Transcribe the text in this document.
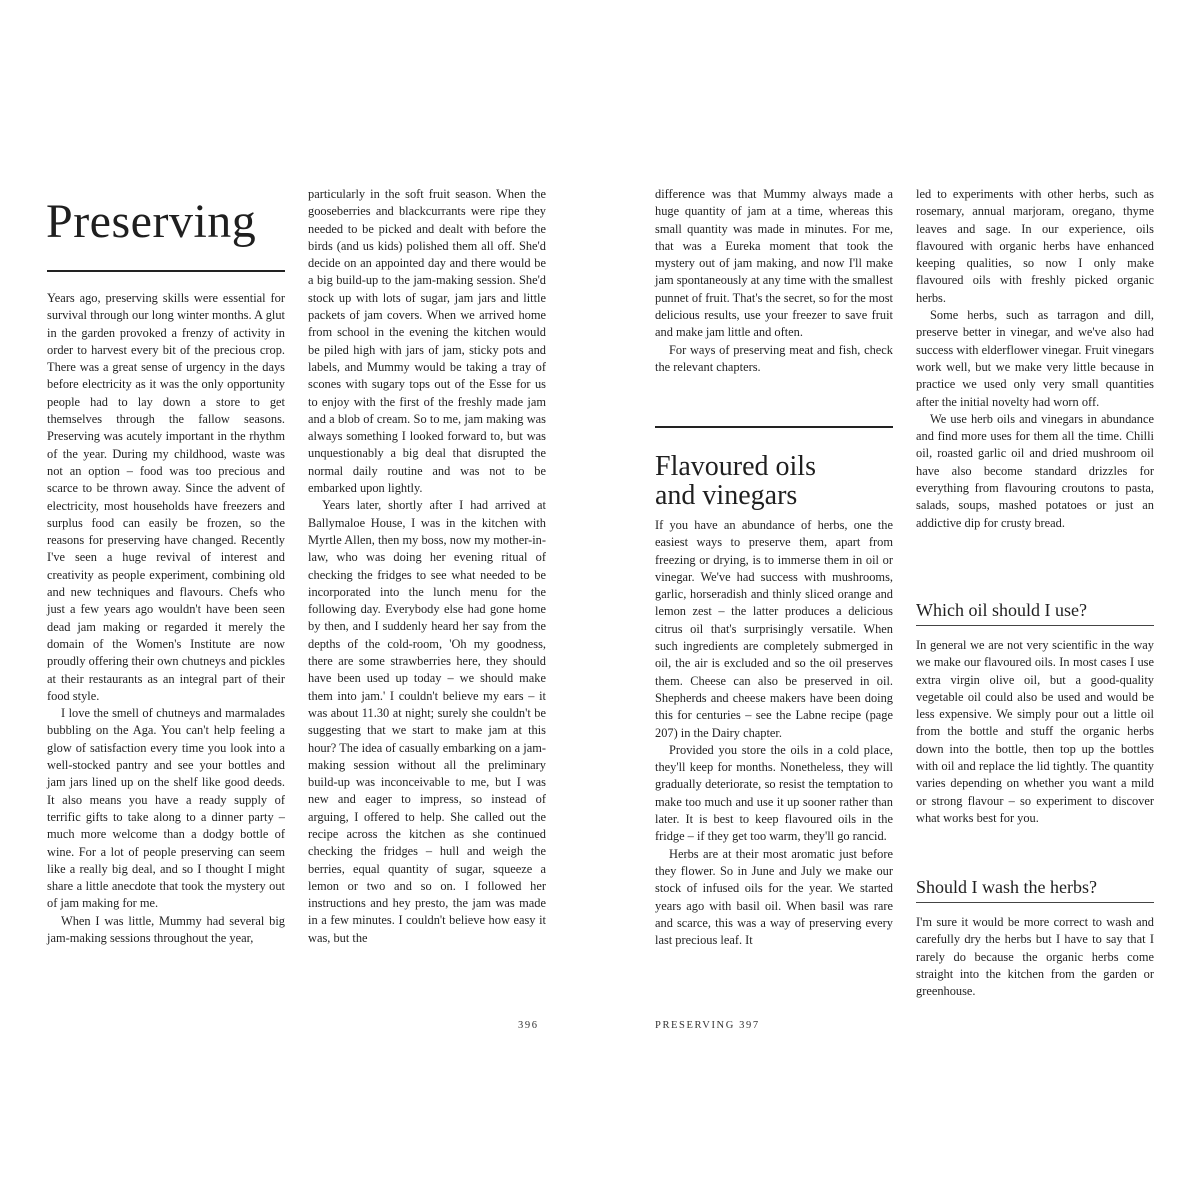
Preserving

Years ago, preserving skills were essential for survival through our long winter months. A glut in the garden provoked a frenzy of activity in order to harvest every bit of the precious crop. There was a great sense of urgency in the days before electricity as it was the only opportunity people had to lay down a store to get themselves through the fallow seasons. Preserving was acutely important in the rhythm of the year. During my childhood, waste was not an option – food was too precious and scarce to be thrown away. Since the advent of electricity, most households have freezers and surplus food can easily be frozen, so the reasons for preserving have changed. Recently I've seen a huge revival of interest and creativity as people experiment, combining old and new techniques and flavours. Chefs who just a few years ago wouldn't have been seen dead jam making or regarded it merely the domain of the Women's Institute are now proudly offering their own chutneys and pickles at their restaurants as an integral part of their food style.

I love the smell of chutneys and marmalades bubbling on the Aga. You can't help feeling a glow of satisfaction every time you look into a well-stocked pantry and see your bottles and jam jars lined up on the shelf like good deeds. It also means you have a ready supply of terrific gifts to take along to a dinner party – much more welcome than a dodgy bottle of wine. For a lot of people preserving can seem like a really big deal, and so I thought I might share a little anecdote that took the mystery out of jam making for me.

When I was little, Mummy had several big jam-making sessions throughout the year,

particularly in the soft fruit season. When the gooseberries and blackcurrants were ripe they needed to be picked and dealt with before the birds (and us kids) polished them all off. She'd decide on an appointed day and there would be a big build-up to the jam-making session. She'd stock up with lots of sugar, jam jars and little packets of jam covers. When we arrived home from school in the evening the kitchen would be piled high with jars of jam, sticky pots and labels, and Mummy would be taking a tray of scones with sugary tops out of the Esse for us to enjoy with the first of the freshly made jam and a blob of cream. So to me, jam making was always something I looked forward to, but was unquestionably a big deal that disrupted the normal daily routine and was not to be embarked upon lightly.

Years later, shortly after I had arrived at Ballymaloe House, I was in the kitchen with Myrtle Allen, then my boss, now my mother-in-law, who was doing her evening ritual of checking the fridges to see what needed to be incorporated into the lunch menu for the following day. Everybody else had gone home by then, and I suddenly heard her say from the depths of the cold-room, 'Oh my goodness, there are some strawberries here, they should have been used up today – we should make them into jam.' I couldn't believe my ears – it was about 11.30 at night; surely she couldn't be suggesting that we start to make jam at this hour? The idea of casually embarking on a jam-making session without all the preliminary build-up was inconceivable to me, but I was new and eager to impress, so instead of arguing, I offered to help. She called out the recipe across the kitchen as she continued checking the fridges – hull and weigh the berries, equal quantity of sugar, squeeze a lemon or two and so on. I followed her instructions and hey presto, the jam was made in a few minutes. I couldn't believe how easy it was, but the

396

difference was that Mummy always made a huge quantity of jam at a time, whereas this small quantity was made in minutes. For me, that was a Eureka moment that took the mystery out of jam making, and now I'll make jam spontaneously at any time with the smallest punnet of fruit. That's the secret, so for the most delicious results, use your freezer to save fruit and make jam little and often.

For ways of preserving meat and fish, check the relevant chapters.

Flavoured oils
and vinegars

If you have an abundance of herbs, one the easiest ways to preserve them, apart from freezing or drying, is to immerse them in oil or vinegar. We've had success with mushrooms, garlic, horseradish and thinly sliced orange and lemon zest – the latter produces a delicious citrus oil that's surprisingly versatile. When such ingredients are completely submerged in oil, the air is excluded and so the oil preserves them. Cheese can also be preserved in oil. Shepherds and cheese makers have been doing this for centuries – see the Labne recipe (page 207) in the Dairy chapter.

Provided you store the oils in a cold place, they'll keep for months. Nonetheless, they will gradually deteriorate, so resist the temptation to make too much and use it up sooner rather than later. It is best to keep flavoured oils in the fridge – if they get too warm, they'll go rancid.

Herbs are at their most aromatic just before they flower. So in June and July we make our stock of infused oils for the year. We started years ago with basil oil. When basil was rare and scarce, this was a way of preserving every last precious leaf. It

led to experiments with other herbs, such as rosemary, annual marjoram, oregano, thyme leaves and sage. In our experience, oils flavoured with organic herbs have enhanced keeping qualities, so now I only make flavoured oils with freshly picked organic herbs.

Some herbs, such as tarragon and dill, preserve better in vinegar, and we've also had success with elderflower vinegar. Fruit vinegars work well, but we make very little because in practice we used only very small quantities after the initial novelty had worn off.

We use herb oils and vinegars in abundance and find more uses for them all the time. Chilli oil, roasted garlic oil and dried mushroom oil have also become standard drizzles for everything from flavouring croutons to pasta, salads, soups, mashed potatoes or just an addictive dip for crusty bread.

Which oil should I use?

In general we are not very scientific in the way we make our flavoured oils. In most cases I use extra virgin olive oil, but a good-quality vegetable oil could also be used and would be less expensive. We simply pour out a little oil from the bottle and stuff the organic herbs down into the bottle, then top up the bottles with oil and replace the lid tightly. The quantity varies depending on whether you want a mild or strong flavour – so experiment to discover what works best for you.

Should I wash the herbs?

I'm sure it would be more correct to wash and carefully dry the herbs but I have to say that I rarely do because the organic herbs come straight into the kitchen from the garden or greenhouse.

PRESERVING 397
